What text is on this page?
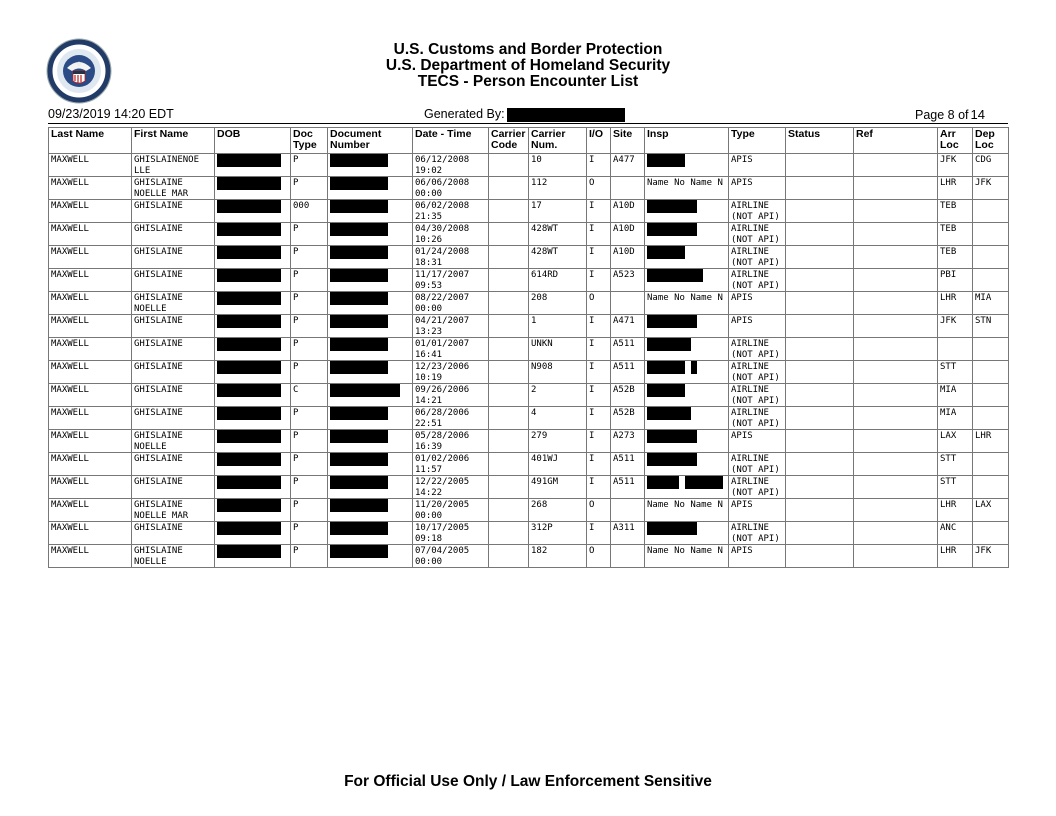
U.S. Customs and Border Protection
U.S. Department of Homeland Security
TECS - Person Encounter List
09/23/2019 14:20 EDT	Generated By:	Page 8 of 14
Last Name	First Name	DOB	Doc Type	Document Number	Date - Time	Carrier Code	Carrier Num.	I/O	Site	Insp	Type	Status	Ref	Arr Loc	Dep Loc
MAXWELL	GHISLAINENOE LLE		P		06/12/2008 19:02		10	I	A477		APIS			JFK	CDG
MAXWELL	GHISLAINE NOELLE MAR		P		06/06/2008 00:00		112	O		Name No Name N	APIS			LHR	JFK
MAXWELL	GHISLAINE		000		06/02/2008 21:35		17	I	A10D		AIRLINE (NOT API)			TEB	
MAXWELL	GHISLAINE		P		04/30/2008 10:26		428WT	I	A10D		AIRLINE (NOT API)			TEB	
MAXWELL	GHISLAINE		P		01/24/2008 18:31		428WT	I	A10D		AIRLINE (NOT API)			TEB	
MAXWELL	GHISLAINE		P		11/17/2007 09:53		614RD	I	A523		AIRLINE (NOT API)			PBI	
MAXWELL	GHISLAINE NOELLE		P		08/22/2007 00:00		208	O		Name No Name N	APIS			LHR	MIA
MAXWELL	GHISLAINE		P		04/21/2007 13:23		1	I	A471		APIS			JFK	STN
MAXWELL	GHISLAINE		P		01/01/2007 16:41		UNKN	I	A511		AIRLINE (NOT API)				
MAXWELL	GHISLAINE		P		12/23/2006 10:19		N908	I	A511		AIRLINE (NOT API)			STT	
MAXWELL	GHISLAINE		C		09/26/2006 14:21		2	I	A52B		AIRLINE (NOT API)			MIA	
MAXWELL	GHISLAINE		P		06/28/2006 22:51		4	I	A52B		AIRLINE (NOT API)			MIA	
MAXWELL	GHISLAINE NOELLE		P		05/28/2006 16:39		279	I	A273		APIS			LAX	LHR
MAXWELL	GHISLAINE		P		01/02/2006 11:57		401WJ	I	A511		AIRLINE (NOT API)			STT	
MAXWELL	GHISLAINE		P		12/22/2005 14:22		491GM	I	A511		AIRLINE (NOT API)			STT	
MAXWELL	GHISLAINE NOELLE MAR		P		11/20/2005 00:00		268	O		Name No Name N	APIS			LHR	LAX
MAXWELL	GHISLAINE		P		10/17/2005 09:18		312P	I	A311		AIRLINE (NOT API)			ANC	
MAXWELL	GHISLAINE NOELLE		P		07/04/2005 00:00		182	O		Name No Name N	APIS			LHR	JFK
For Official Use Only / Law Enforcement Sensitive
